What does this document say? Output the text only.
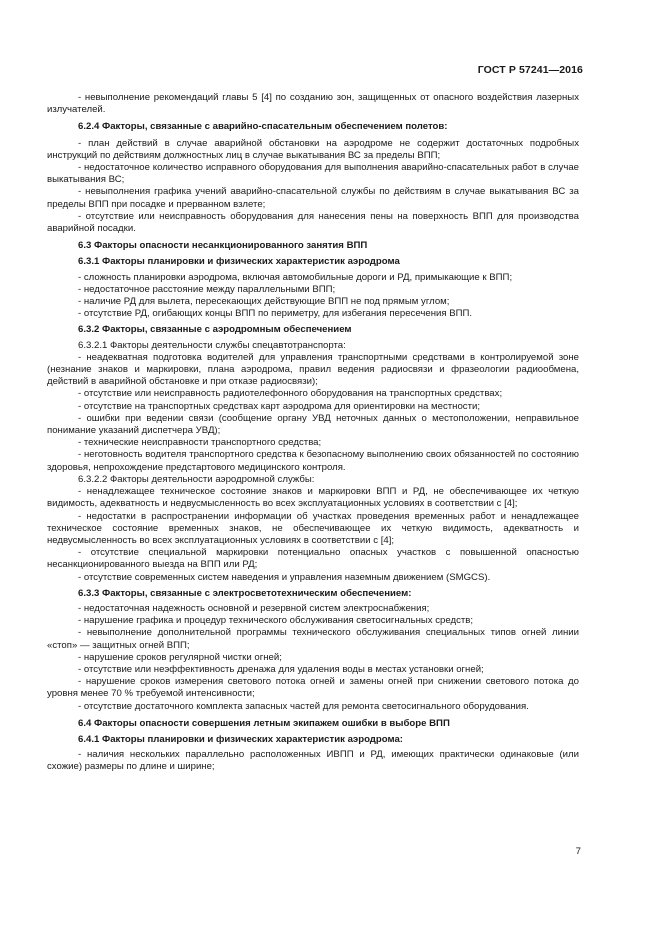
ГОСТ Р 57241—2016

- невыполнение рекомендаций главы 5 [4] по созданию зон, защищенных от опасного воздействия лазерных излучателей.

6.2.4 Факторы, связанные с аварийно-спасательным обеспечением полетов:

- план действий в случае аварийной обстановки на аэродроме не содержит достаточных подробных инструкций по действиям должностных лиц в случае выкатывания ВС за пределы ВПП;

- недостаточное количество исправного оборудования для выполнения аварийно-спасательных работ в случае выкатывания ВС;

- невыполнения графика учений аварийно-спасательной службы по действиям в случае выкатывания ВС за пределы ВПП при посадке и прерванном взлете;

- отсутствие или неисправность оборудования для нанесения пены на поверхность ВПП для производства аварийной посадки.

6.3 Факторы опасности несанкционированного занятия ВПП

6.3.1 Факторы планировки и физических характеристик аэродрома

- сложность планировки аэродрома, включая автомобильные дороги и РД, примыкающие к ВПП;

- недостаточное расстояние между параллельными ВПП;

- наличие РД для вылета, пересекающих действующие ВПП не под прямым углом;

- отсутствие РД, огибающих концы ВПП по периметру, для избегания пересечения ВПП.

6.3.2 Факторы, связанные с аэродромным обеспечением

6.3.2.1 Факторы деятельности службы спецавтотранспорта:

- неадекватная подготовка водителей для управления транспортными средствами в контролируемой зоне (незнание знаков и маркировки, плана аэродрома, правил ведения радиосвязи и фразеологии радиообмена, действий в аварийной обстановке и при отказе радиосвязи);

- отсутствие или неисправность радиотелефонного оборудования на транспортных средствах;

- отсутствие на транспортных средствах карт аэродрома для ориентировки на местности;

- ошибки при ведении связи (сообщение органу УВД неточных данных о местоположении, неправильное понимание указаний диспетчера УВД);

- технические неисправности транспортного средства;

- неготовность водителя транспортного средства к безопасному выполнению своих обязанностей по состоянию здоровья, непрохождение предстартового медицинского контроля.

6.3.2.2 Факторы деятельности аэродромной службы:

- ненадлежащее техническое состояние знаков и маркировки ВПП и РД, не обеспечивающее их четкую видимость, адекватность и недвусмысленность во всех эксплуатационных условиях в соответствии с [4];

- недостатки в распространении информации об участках проведения временных работ и ненадлежащее техническое состояние временных знаков, не обеспечивающее их четкую видимость, адекватность и недвусмысленность во всех эксплуатационных условиях в соответствии с [4];

- отсутствие специальной маркировки потенциально опасных участков с повышенной опасностью несанкционированного выезда на ВПП или РД;

- отсутствие современных систем наведения и управления наземным движением (SMGCS).

6.3.3 Факторы, связанные с электросветотехническим обеспечением:

- недостаточная надежность основной и резервной систем электроснабжения;

- нарушение графика и процедур технического обслуживания светосигнальных средств;

- невыполнение дополнительной программы технического обслуживания специальных типов огней линии «стоп» — защитных огней ВПП;

- нарушение сроков регулярной чистки огней;

- отсутствие или неэффективность дренажа для удаления воды в местах установки огней;

- нарушение сроков измерения светового потока огней и замены огней при снижении светового потока до уровня менее 70 % требуемой интенсивности;

- отсутствие достаточного комплекта запасных частей для ремонта светосигнального оборудования.

6.4 Факторы опасности совершения летным экипажем ошибки в выборе ВПП

6.4.1 Факторы планировки и физических характеристик аэродрома:

- наличия нескольких параллельно расположенных ИВПП и РД, имеющих практически одинаковые (или схожие) размеры по длине и ширине;

7
